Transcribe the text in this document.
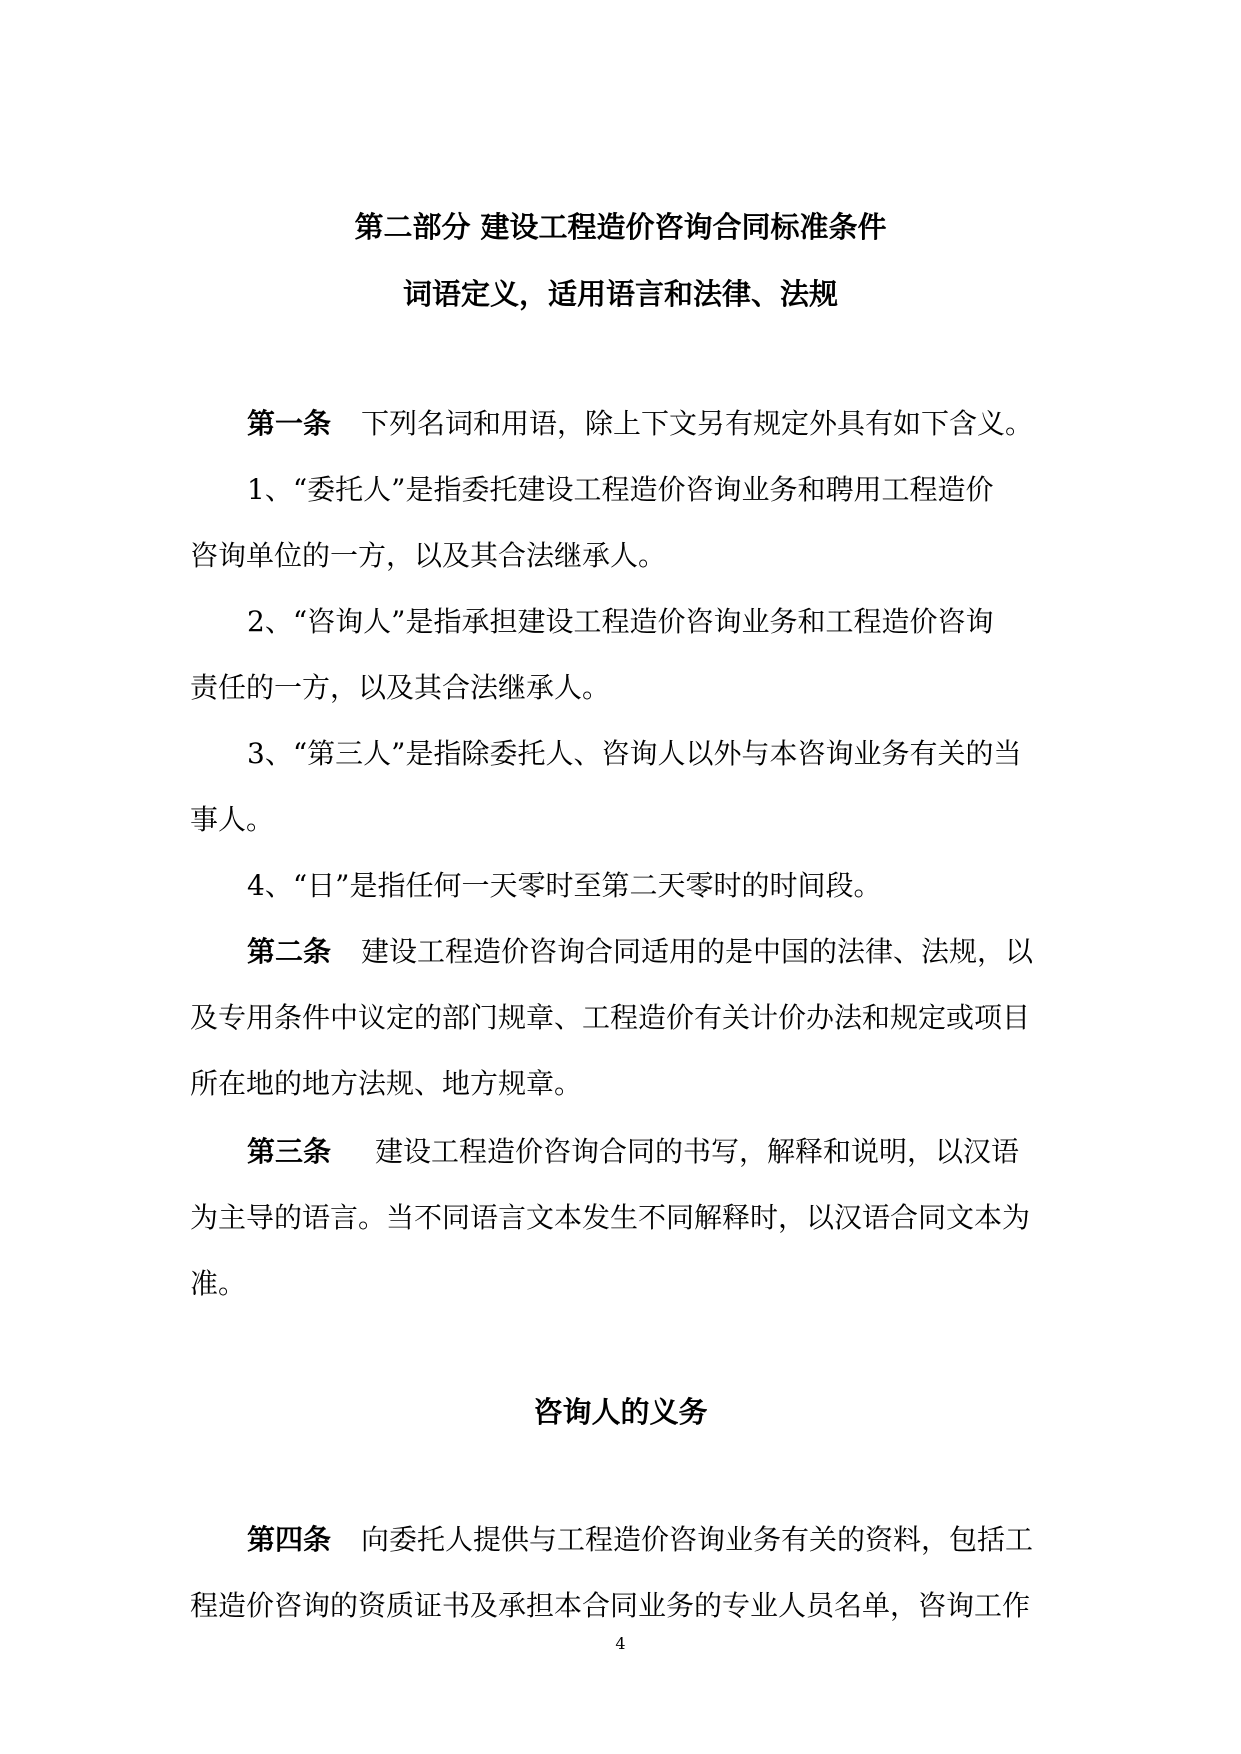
第二部分 建设工程造价咨询合同标准条件
词语定义，适用语言和法律、法规
第一条 下列名词和用语，除上下文另有规定外具有如下含义。
1、“委托人”是指委托建设工程造价咨询业务和聘用工程造价
咨询单位的一方，以及其合法继承人。
2、“咨询人”是指承担建设工程造价咨询业务和工程造价咨询
责任的一方，以及其合法继承人。
3、“第三人”是指除委托人、咨询人以外与本咨询业务有关的当
事人。
4、“日”是指任何一天零时至第二天零时的时间段。
第二条 建设工程造价咨询合同适用的是中国的法律、法规，以
及专用条件中议定的部门规章、工程造价有关计价办法和规定或项目
所在地的地方法规、地方规章。
第三条 建设工程造价咨询合同的书写，解释和说明，以汉语
为主导的语言。当不同语言文本发生不同解释时，以汉语合同文本为
准。
咨询人的义务
第四条 向委托人提供与工程造价咨询业务有关的资料，包括工
程造价咨询的资质证书及承担本合同业务的专业人员名单，咨询工作
4
